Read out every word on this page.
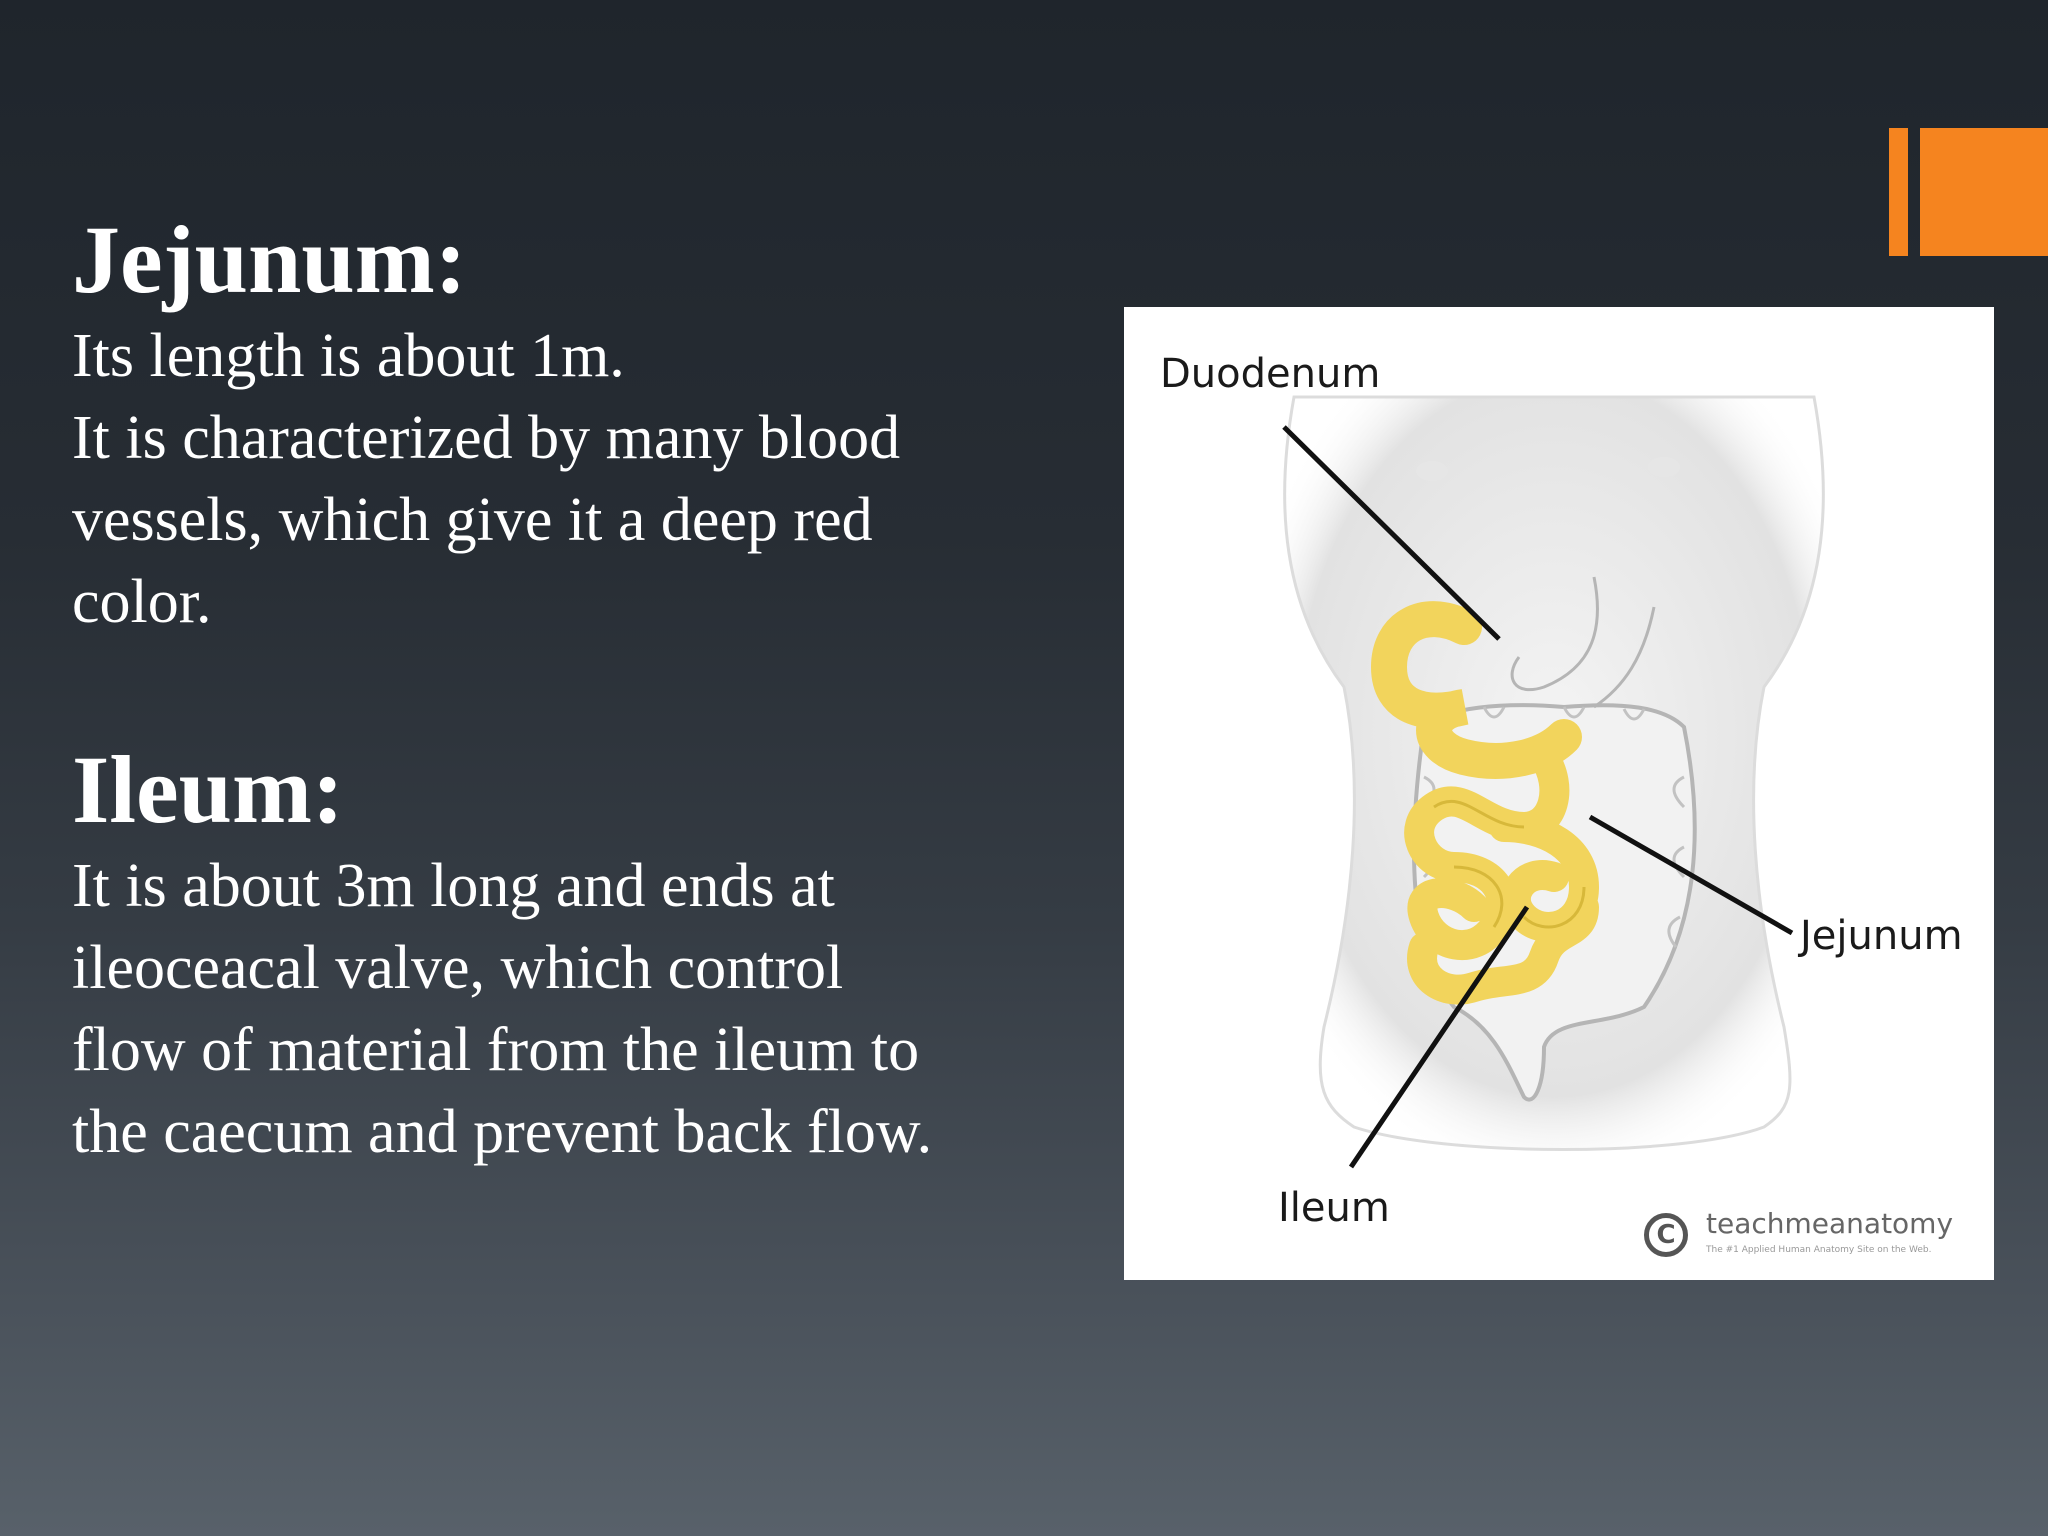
Jejunum:

Its length is about 1m.
It is characterized by many blood
vessels, which give it a deep red
color.

Ileum:

It is about 3m long and ends at
ileoceacal valve, which control
flow of material from the ileum to
the caecum and prevent back flow.

Duodenum
Jejunum
Ileum
C	teachmeanatomy
The #1 Applied Human Anatomy Site on the Web.
